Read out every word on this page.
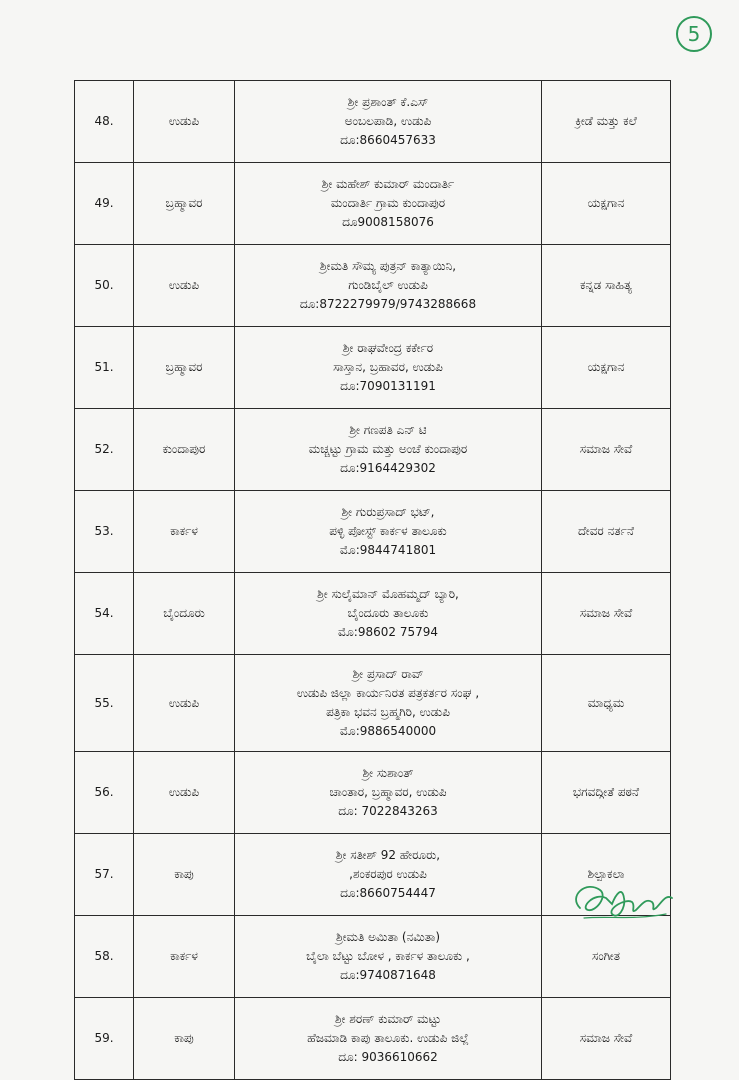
5
48.	ಉಡುಪಿ	ಶ್ರೀ ಪ್ರಶಾಂತ್ ಕೆ.ಎಸ್
ಅಂಬಲಪಾಡಿ, ಉಡುಪಿ
ದೂ:8660457633	ಕ್ರೀಡೆ ಮತ್ತು ಕಲೆ
49.	ಬ್ರಹ್ಮಾವರ	ಶ್ರೀ ಮಹೇಶ್ ಕುಮಾರ್ ಮಂದಾರ್ತಿ
ಮಂದಾರ್ತಿ ಗ್ರಾಮ ಕುಂದಾಪುರ
ದೂ9008158076	ಯಕ್ಷಗಾನ
50.	ಉಡುಪಿ	ಶ್ರೀಮತಿ ಸೌಮ್ಯ ಪುತ್ರನ್ ಕಾತ್ಯಾಯಿನಿ,
ಗುಂಡಿಬೈಲ್ ಉಡುಪಿ
ದೂ:8722279979/9743288668	ಕನ್ನಡ ಸಾಹಿತ್ಯ
51.	ಬ್ರಹ್ಮಾವರ	ಶ್ರೀ ರಾಘವೇಂದ್ರ ಕರ್ಕೇರ
ಸಾಸ್ತಾನ, ಬ್ರಹಾವರ, ಉಡುಪಿ
ದೂ:7090131191	ಯಕ್ಷಗಾನ
52.	ಕುಂದಾಪುರ	ಶ್ರೀ ಗಣಪತಿ ಎನ್ ಟಿ
ಮಚ್ಚಟ್ಟು ಗ್ರಾಮ ಮತ್ತು ಅಂಚೆ ಕುಂದಾಪುರ
ದೂ:9164429302	ಸಮಾಜ ಸೇವೆ
53.	ಕಾರ್ಕಳ	ಶ್ರೀ ಗುರುಪ್ರಸಾದ್ ಭಟ್,
ಪಳ್ಳಿ ಪೋಸ್ಟ್ ಕಾರ್ಕಳ ತಾಲೂಕು
ಮೊ:9844741801	ದೇವರ ನರ್ತನೆ
54.	ಬೈಂದೂರು	ಶ್ರೀ ಸುಲೈಮಾನ್ ಮೊಹಮ್ಮದ್ ಬ್ಯಾರಿ,
ಬೈಂದೂರು ತಾಲೂಕು
ಮೊ:98602 75794	ಸಮಾಜ ಸೇವೆ
55.	ಉಡುಪಿ	ಶ್ರೀ ಪ್ರಸಾದ್ ರಾವ್
ಉಡುಪಿ ಜಿಲ್ಲಾ ಕಾರ್ಯನಿರತ ಪತ್ರಕರ್ತರ ಸಂಘ ,
ಪತ್ರಿಕಾ ಭವನ ಬ್ರಹ್ಮಗಿರಿ, ಉಡುಪಿ
ಮೊ:9886540000	ಮಾಧ್ಯಮ
56.	ಉಡುಪಿ	ಶ್ರೀ ಸುಶಾಂತ್
ಚಾಂತಾರ, ಬ್ರಹ್ಮಾವರ, ಉಡುಪಿ
ದೂ: 7022843263	ಭಗವದ್ಗೀತೆ ಪಠನೆ
57.	ಕಾಪು	ಶ್ರೀ ಸತೀಶ್ 92 ಹೇರೂರು,
,ಶಂಕರಪುರ ಉಡುಪಿ
ದೂ:8660754447	ಶಿಲ್ಪಾಕಲಾ
58.	ಕಾರ್ಕಳ	ಶ್ರೀಮತಿ ಅಮಿತಾ (ನಮಿತಾ)
ಬೈಲಾ ಬೆಟ್ಟು ಬೋಳ , ಕಾರ್ಕಳ ತಾಲೂಕು ,
ದೂ:9740871648	ಸಂಗೀತ
59.	ಕಾಪು	ಶ್ರೀ ಶರಣ್ ಕುಮಾರ್ ಮಟ್ಟು
ಹೆಜಮಾಡಿ ಕಾಪು ತಾಲೂಕು. ಉಡುಪಿ ಜಿಲ್ಲೆ
ದೂ: 9036610662	ಸಮಾಜ ಸೇವೆ
